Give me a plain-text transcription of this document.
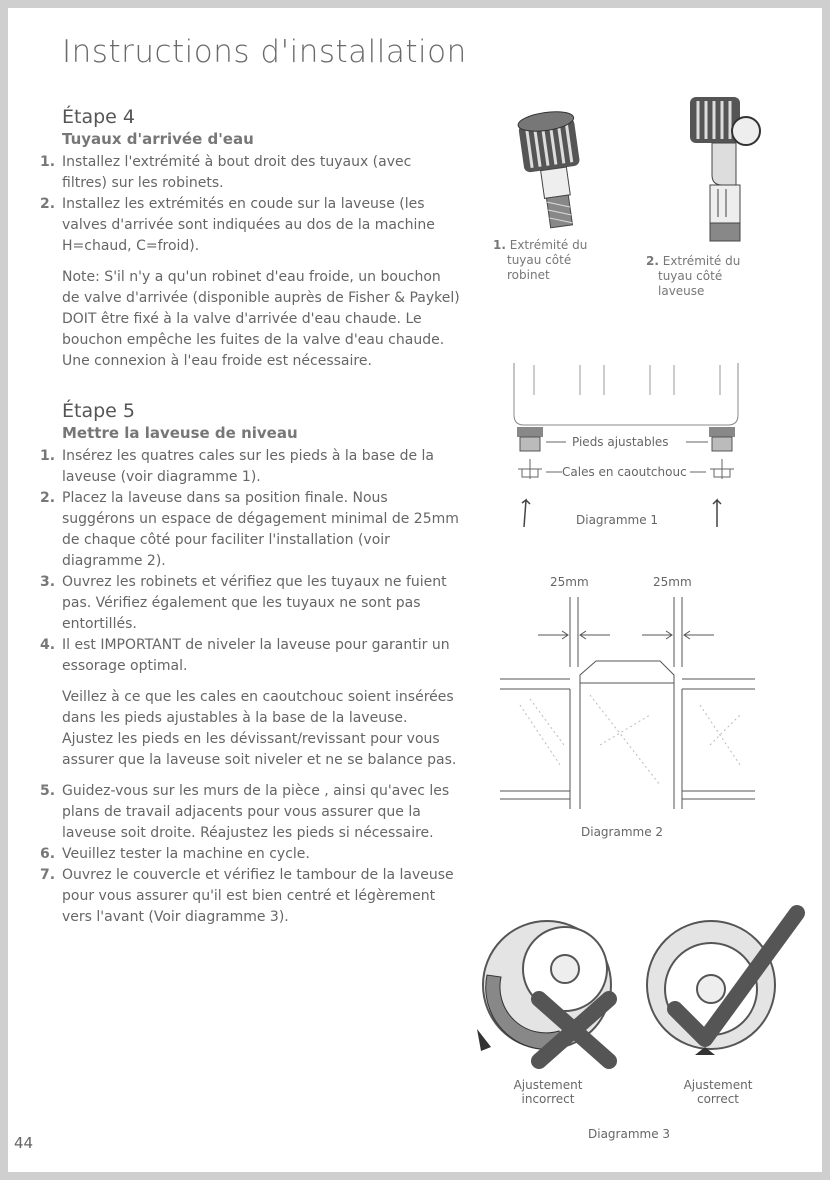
Instructions d'installation
Étape 4
Tuyaux d'arrivée d'eau
1. Installez l'extrémité à bout droit des tuyaux (avec filtres) sur les robinets.
2. Installez les extrémités en coude sur la laveuse (les valves d'arrivée sont indiquées au dos de la machine H=chaud, C=froid).
Note: S'il n'y a qu'un robinet d'eau froide, un bouchon de valve d'arrivée (disponible auprès de Fisher & Paykel) DOIT être fixé à la valve d'arrivée d'eau chaude. Le bouchon empêche les fuites de la valve d'eau chaude. Une connexion à l'eau froide est nécessaire.
Étape 5
Mettre la laveuse de niveau
1. Insérez les quatres cales sur les pieds à la base de la laveuse (voir diagramme 1).
2. Placez la laveuse dans sa position finale. Nous suggérons un espace de dégagement minimal de 25mm de chaque côté pour faciliter l'installation (voir diagramme 2).
3. Ouvrez les robinets et vérifiez que les tuyaux ne fuient pas. Vérifiez également que les tuyaux ne sont pas entortillés.
4. Il est IMPORTANT de niveler la laveuse pour garantir un essorage optimal.
Veillez à ce que les cales en caoutchouc soient insérées dans les pieds ajustables à la base de la laveuse. Ajustez les pieds en les dévissant/revissant pour vous assurer que la laveuse soit niveler et ne se balance pas.
5. Guidez-vous sur les murs de la pièce , ainsi qu'avec les plans de travail adjacents pour vous assurer que la laveuse soit droite. Réajustez les pieds si nécessaire.
6. Veuillez tester la machine en cycle.
7. Ouvrez le couvercle et vérifiez le tambour de la laveuse pour vous assurer qu'il est bien centré et légèrement vers l'avant (Voir diagramme 3).
1. Extrémité du
tuyau côté
robinet
2. Extrémité du
tuyau côté
laveuse
Pieds ajustables
Cales en caoutchouc
Diagramme 1
25mm	25mm
Diagramme 2
Ajustement
incorrect
Ajustement
correct
Diagramme 3
44
